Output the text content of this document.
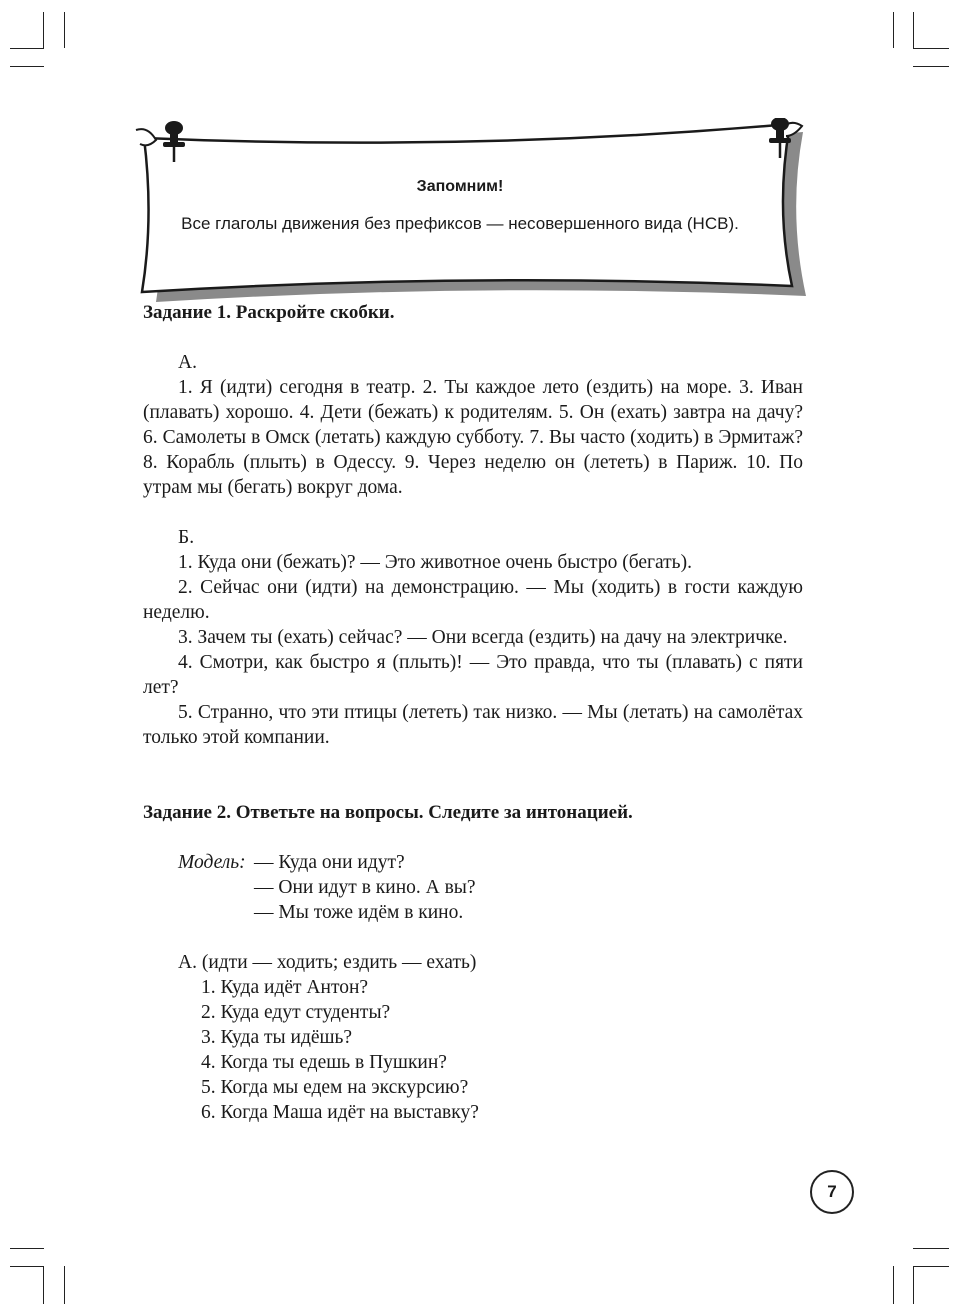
Запомним!
Все глаголы движения без префиксов — несовершенного вида (НСВ).

Задание 1. Раскройте скобки.

А.

1. Я (идти) сегодня в театр. 2. Ты каждое лето (ездить) на море. 3. Иван (плавать) хорошо. 4. Дети (бежать) к родителям. 5. Он (ехать) завтра на дачу? 6. Самолеты в Омск (летать) каждую субботу. 7. Вы часто (ходить) в Эрмитаж? 8. Корабль (плыть) в Одессу. 9. Через неделю он (лететь) в Париж. 10. По утрам мы (бегать) вокруг дома.

Б.

1. Куда они (бежать)? — Это животное очень быстро (бегать).

2. Сейчас они (идти) на демонстрацию. — Мы (ходить) в гости каждую неделю.

3. Зачем ты (ехать) сейчас? — Они всегда (ездить) на дачу на электричке.

4. Смотри, как быстро я (плыть)! — Это правда, что ты (плавать) с пяти лет?

5. Странно, что эти птицы (лететь) так низко. — Мы (летать) на самолётах только этой компании.

Задание 2. Ответьте на вопросы. Следите за интонацией.

Модель: — Куда они идут?
— Они идут в кино. А вы?
— Мы тоже идём в кино.

А. (идти — ходить; ездить — ехать)

1. Куда идёт Антон?

2. Куда едут студенты?

3. Куда ты идёшь?

4. Когда ты едешь в Пушкин?

5. Когда мы едем на экскурсию?

6. Когда Маша идёт на выставку?

7
